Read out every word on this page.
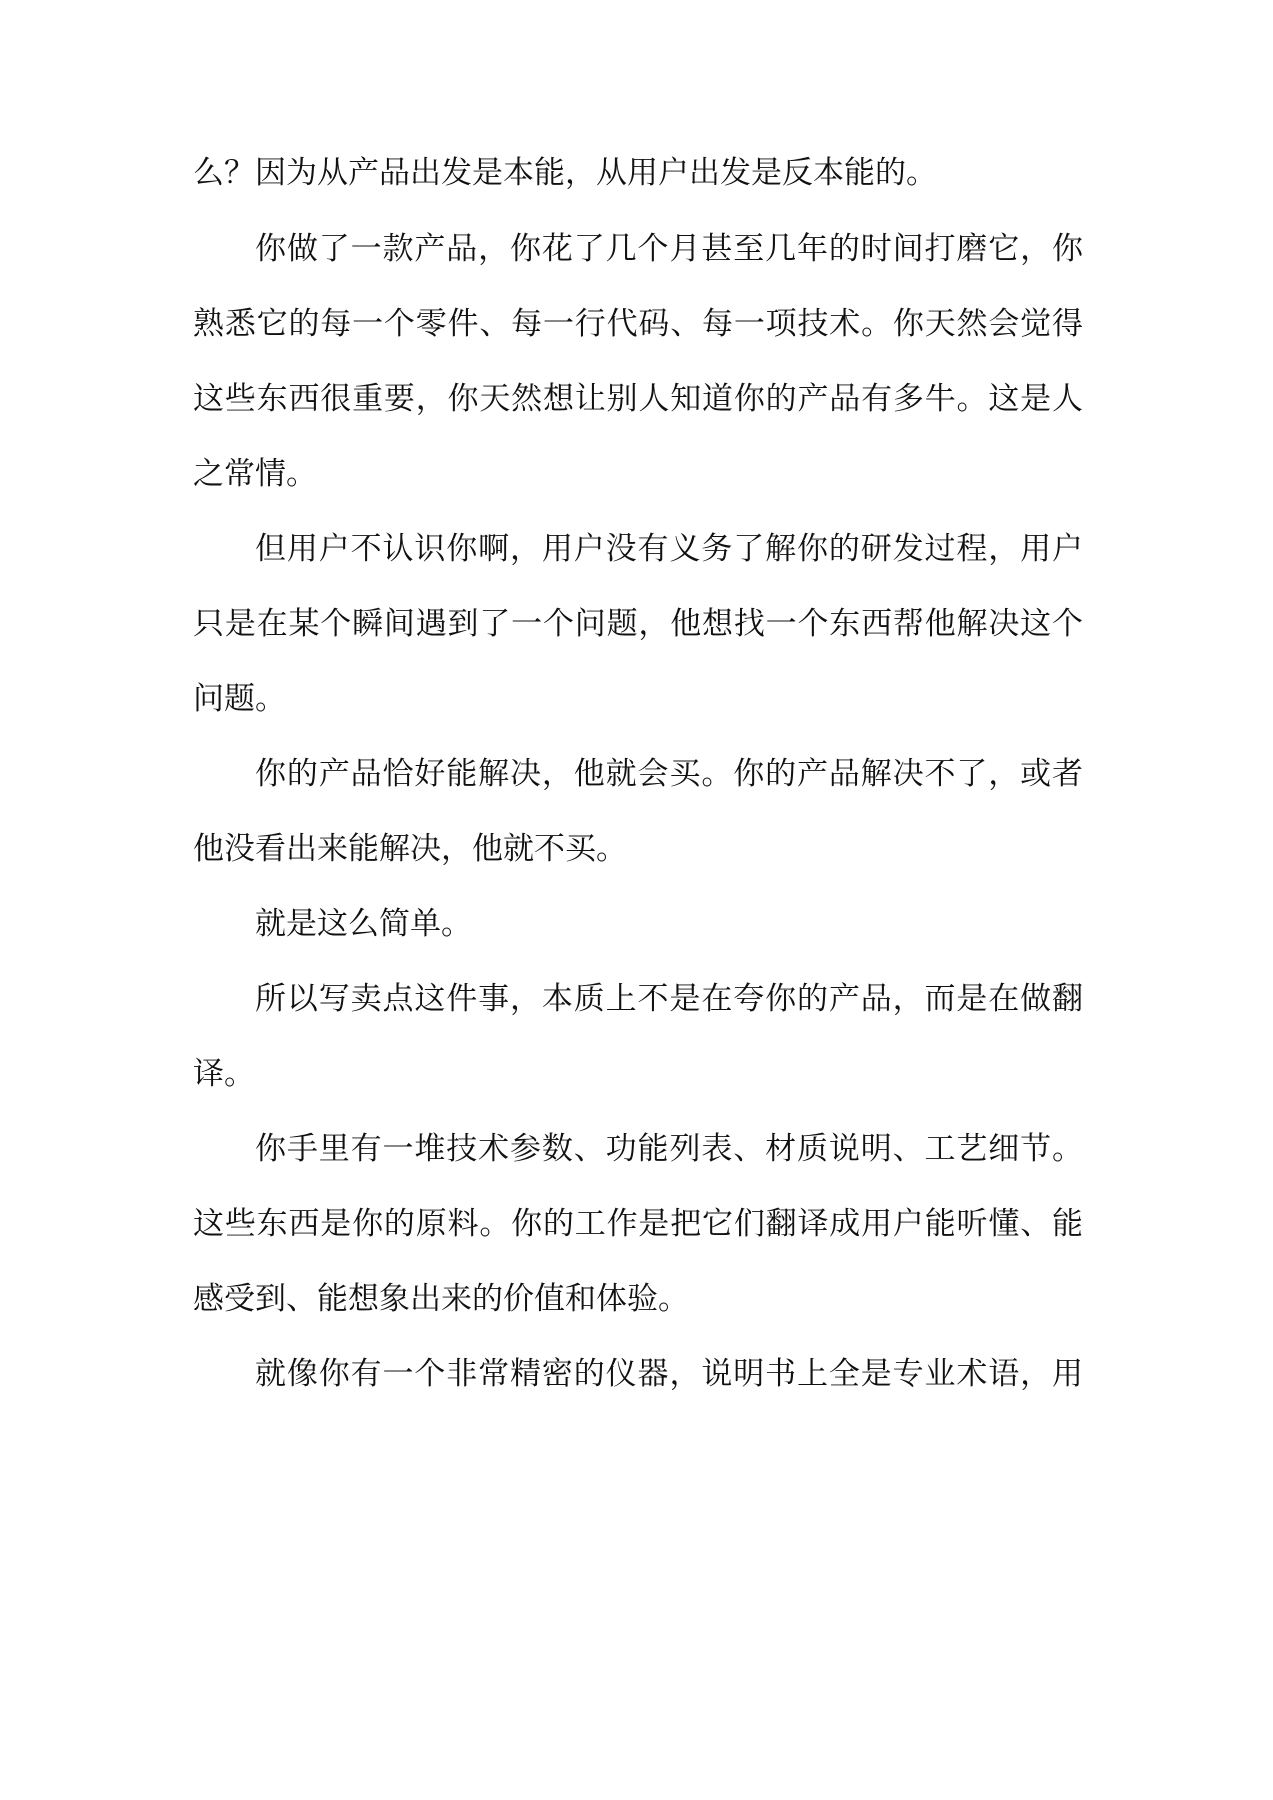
么？因为从产品出发是本能，从用户出发是反本能的。
你做了一款产品，你花了几个月甚至几年的时间打磨它，你
熟悉它的每一个零件、每一行代码、每一项技术。你天然会觉得
这些东西很重要，你天然想让别人知道你的产品有多牛。这是人
之常情。
但用户不认识你啊，用户没有义务了解你的研发过程，用户
只是在某个瞬间遇到了一个问题，他想找一个东西帮他解决这个
问题。
你的产品恰好能解决，他就会买。你的产品解决不了，或者
他没看出来能解决，他就不买。
就是这么简单。
所以写卖点这件事，本质上不是在夸你的产品，而是在做翻
译。
你手里有一堆技术参数、功能列表、材质说明、工艺细节。
这些东西是你的原料。你的工作是把它们翻译成用户能听懂、能
感受到、能想象出来的价值和体验。
就像你有一个非常精密的仪器，说明书上全是专业术语，用
